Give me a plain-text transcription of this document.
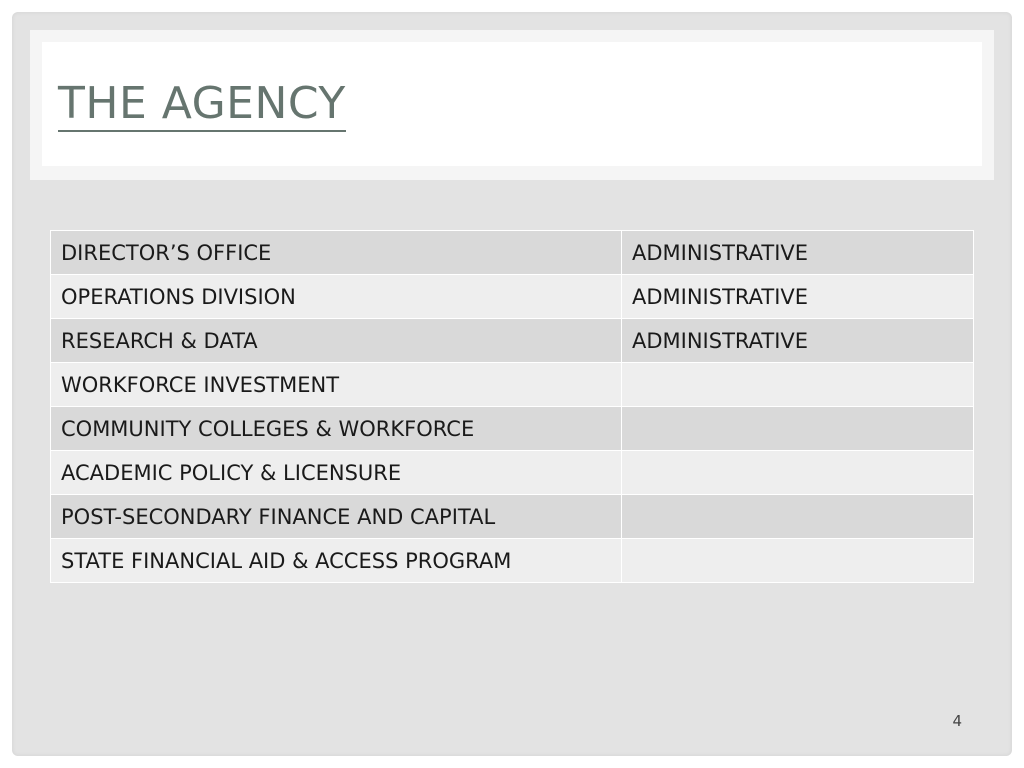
THE AGENCY
DIRECTOR’S OFFICE	ADMINISTRATIVE
OPERATIONS DIVISION	ADMINISTRATIVE
RESEARCH & DATA	ADMINISTRATIVE
WORKFORCE INVESTMENT	
COMMUNITY COLLEGES & WORKFORCE	
ACADEMIC POLICY & LICENSURE	
POST-SECONDARY FINANCE AND CAPITAL	
STATE FINANCIAL AID & ACCESS PROGRAM	
4
